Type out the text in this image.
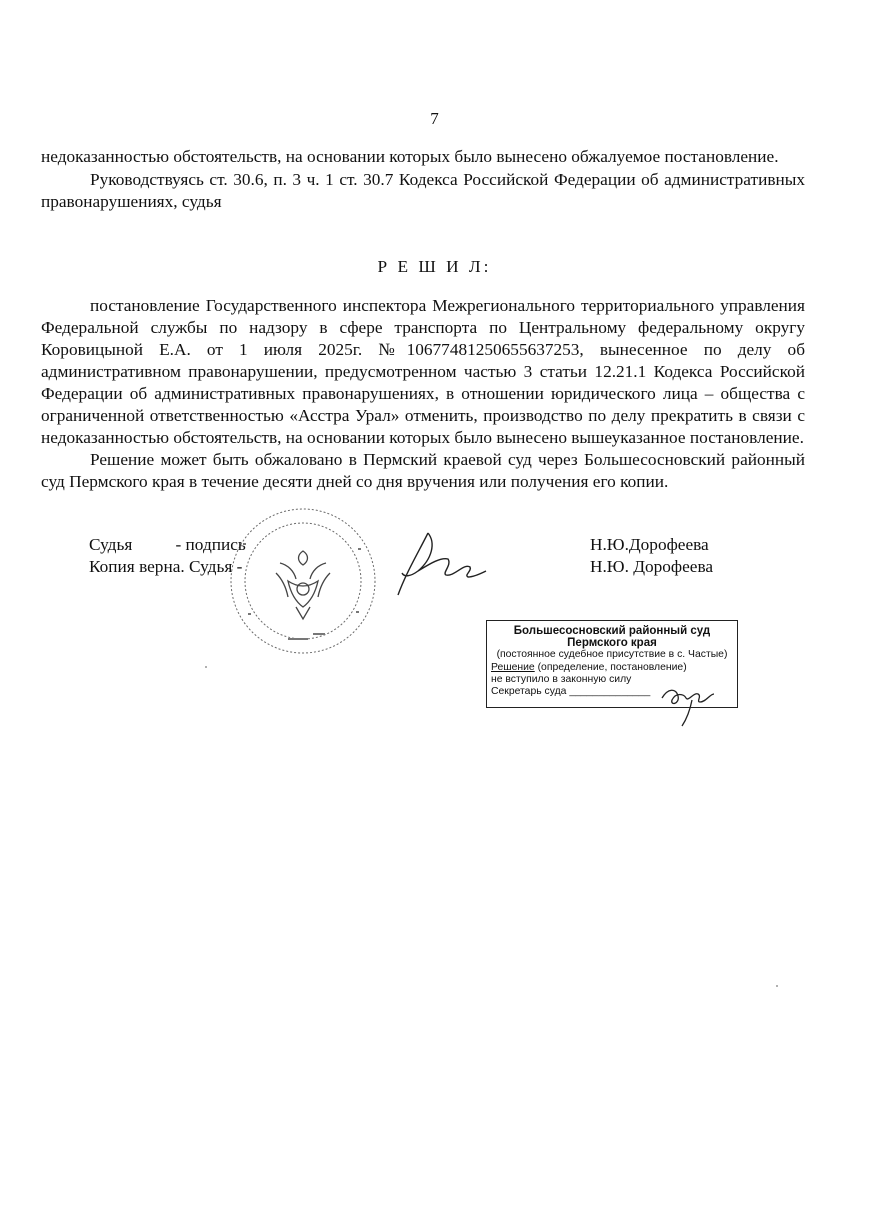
7

недоказанностью обстоятельств, на основании которых было вынесено обжалуемое постановление.

Руководствуясь ст. 30.6, п. 3 ч. 1 ст. 30.7 Кодекса Российской Федерации об административных правонарушениях, судья

Р Е Ш И Л:

постановление Государственного инспектора Межрегионального территориального управления Федеральной службы по надзору в сфере транспорта по Центральному федеральному округу Коровицыной Е.А. от 1 июля 2025г. №10677481250655637253, вынесенное по делу об административном правонарушении, предусмотренном частью 3 статьи 12.21.1 Кодекса Российской Федерации об административных правонарушениях, в отношении юридического лица – общества с ограниченной ответственностью «Асстра Урал» отменить, производство по делу прекратить в связи с недоказанностью обстоятельств, на основании которых было вынесено вышеуказанное постановление.

Решение может быть обжаловано в Пермский краевой суд через Большесосновский районный суд Пермского края в течение десяти дней со дня вручения или получения его копии.

Судья          - подпись	Н.Ю.Дорофеева
Копия верна. Судья -	Н.Ю. Дорофеева
Большесосновский районный суд
Пермского края
(постоянное судебное присутствие в с. Частые)
Решение (определение, постановление)
не вступило в законную силу
Секретарь суда ______________
